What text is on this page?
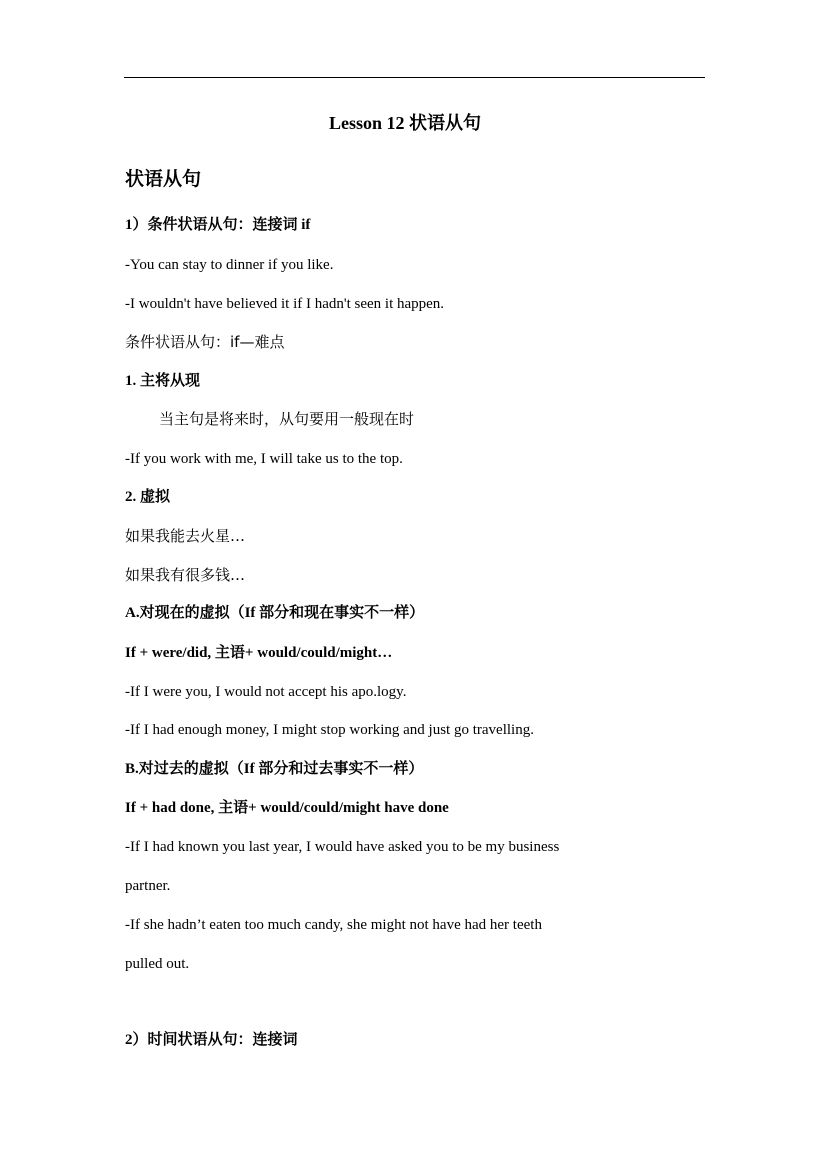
Lesson 12 状语从句
状语从句
1）条件状语从句：连接词 if
-You can stay to dinner if you like.
-I wouldn't have believed it if I hadn't seen it happen.
条件状语从句：if—难点
1. 主将从现
当主句是将来时，从句要用一般现在时
-If you work with me, I will take us to the top.
2. 虚拟
如果我能去火星…
如果我有很多钱…
A.对现在的虚拟（If 部分和现在事实不一样）
If + were/did, 主语+ would/could/might…
-If I were you, I would not accept his apo.logy.
-If I had enough money, I might stop working and just go travelling.
B.对过去的虚拟（If 部分和过去事实不一样）
If + had done, 主语+ would/could/might have done
-If I had known you last year, I would have asked you to be my business
partner.
-If she hadn’t eaten too much candy, she might not have had her teeth
pulled out.
2）时间状语从句：连接词
